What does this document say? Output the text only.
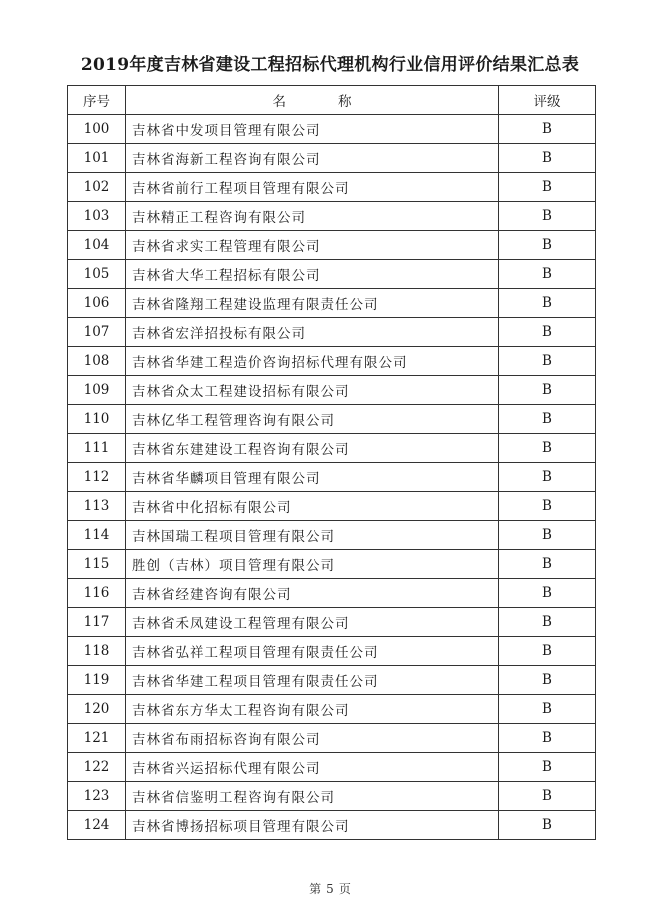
2019年度吉林省建设工程招标代理机构行业信用评价结果汇总表
序号	名 称	评级
100	吉林省中发项目管理有限公司	B
101	吉林省海新工程咨询有限公司	B
102	吉林省前行工程项目管理有限公司	B
103	吉林精正工程咨询有限公司	B
104	吉林省求实工程管理有限公司	B
105	吉林省大华工程招标有限公司	B
106	吉林省隆翔工程建设监理有限责任公司	B
107	吉林省宏洋招投标有限公司	B
108	吉林省华建工程造价咨询招标代理有限公司	B
109	吉林省众太工程建设招标有限公司	B
110	吉林亿华工程管理咨询有限公司	B
111	吉林省东建建设工程咨询有限公司	B
112	吉林省华麟项目管理有限公司	B
113	吉林省中化招标有限公司	B
114	吉林国瑞工程项目管理有限公司	B
115	胜创（吉林）项目管理有限公司	B
116	吉林省经建咨询有限公司	B
117	吉林省禾凤建设工程管理有限公司	B
118	吉林省弘祥工程项目管理有限责任公司	B
119	吉林省华建工程项目管理有限责任公司	B
120	吉林省东方华太工程咨询有限公司	B
121	吉林省布雨招标咨询有限公司	B
122	吉林省兴运招标代理有限公司	B
123	吉林省信鉴明工程咨询有限公司	B
124	吉林省博扬招标项目管理有限公司	B
第 5 页
